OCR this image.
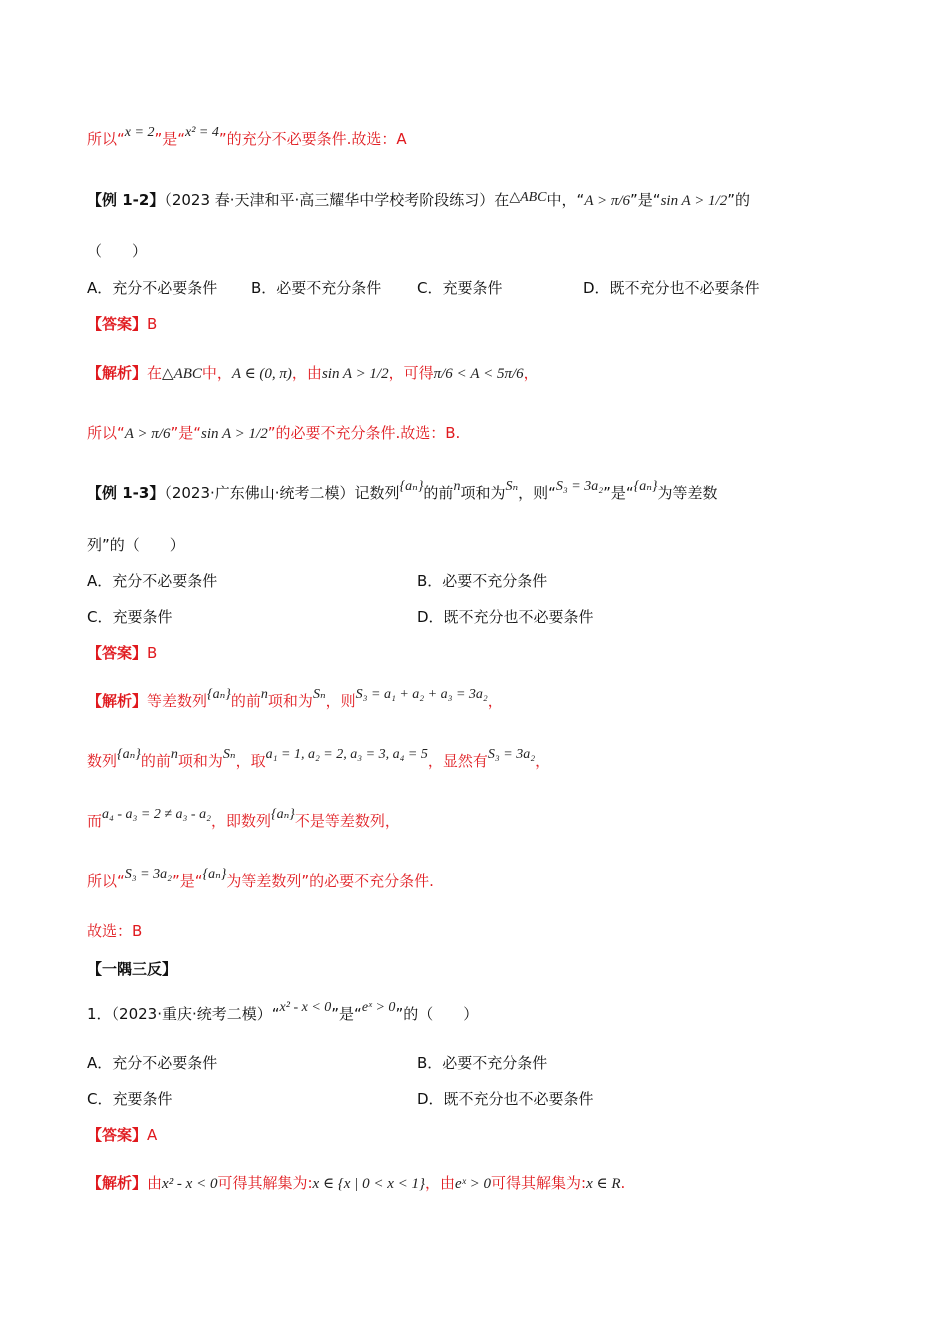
所以“x = 2”是“x² = 4”的充分不必要条件.故选：A
【例 1-2】（2023 春·天津和平·高三耀华中学校考阶段练习）在△ABC中，“A > π/6”是“sin A > 1/2”的
（　　）
A．充分不必要条件 B．必要不充分条件 C．充要条件	D．既不充分也不必要条件
【答案】B
【解析】在△ABC中，A ∈ (0, π)，由sin A > 1/2，可得π/6 < A < 5π/6，
所以“A > π/6”是“sin A > 1/2”的必要不充分条件.故选：B.
【例 1-3】（2023·广东佛山·统考二模）记数列{aₙ}的前n项和为Sₙ，则“S₃ = 3a₂”是“{aₙ}为等差数
列”的（　　）
A．充分不必要条件	B．必要不充分条件
C．充要条件	D．既不充分也不必要条件
【答案】B
【解析】等差数列{aₙ}的前n项和为Sₙ，则S₃ = a₁ + a₂ + a₃ = 3a₂，
数列{aₙ}的前n项和为Sₙ，取a₁ = 1, a₂ = 2, a₃ = 3, a₄ = 5，显然有S₃ = 3a₂，
而a₄ - a₃ = 2 ≠ a₃ - a₂，即数列{aₙ}不是等差数列，
所以“S₃ = 3a₂”是“{aₙ}为等差数列”的必要不充分条件.
故选：B
【一隅三反】
1．（2023·重庆·统考二模）“x² - x < 0”是“eˣ > 0”的（　　）
A．充分不必要条件	B．必要不充分条件
C．充要条件	D．既不充分也不必要条件
【答案】A
【解析】由x² - x < 0可得其解集为:x ∈ {x | 0 < x < 1}，由eˣ > 0可得其解集为:x ∈ R.
